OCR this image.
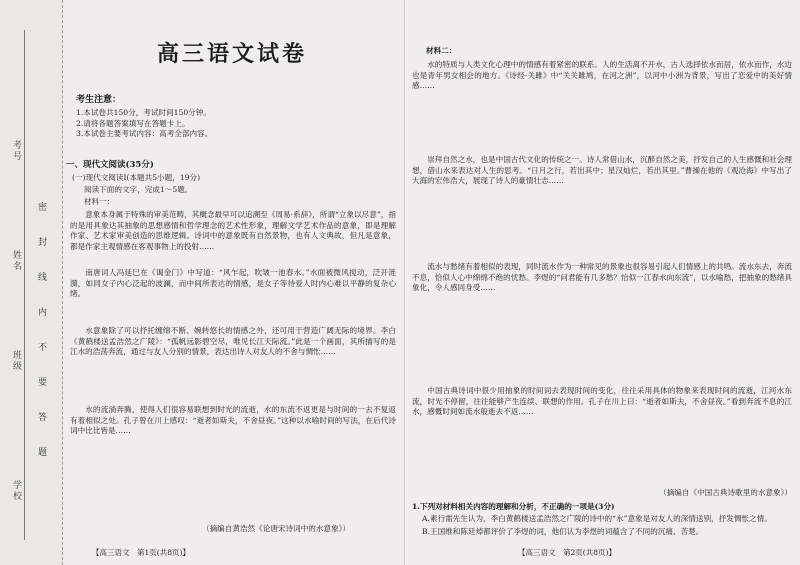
考号
姓名
班级
学校
密
封
线
内
不
要
答
题
高三语文试卷
考生注意：

1.本试卷共150分，考试时间150分钟。

2.请将各题答案填写在答题卡上。

3.本试卷主要考试内容：高考全部内容。

一、现代文阅读(35分)
(一)现代文阅读Ⅰ(本题共5小题，19分)
阅读下面的文字，完成1～5题。
材料一：
意象本身属于特殊的审美范畴，其概念最早可以追溯至《周易·系辞》，所谓“立象以尽意”，指的是用具象达其抽象的思想感情和哲学理念的艺术性形象，理解文学艺术作品的意象，即是理解作家、艺术家审美创造的思维逻辑。诗词中的意象既有自然景物，也有人文典故，但凡是意象，都是作家主观情感在客观事物上的投射……
南唐词人冯延巳在《谒金门》中写道：“风乍起，吹皱一池春水。”水面被微风搅动，泛开涟漪，如同女子内心泛起的波澜，而中间所表达的情感，是女子等待爱人时内心难以平静的复杂心绪。
水意象除了可以抒托缠绵不断、婉转悠长的情感之外，还可用于营造广阔无际的境界。李白《黄鹤楼送孟浩然之广陵》：“孤帆远影碧空尽，唯见长江天际流。”此是一个画面，其所描写的是江水的浩荡奔流，通过与友人分别的情景，表达出诗人对友人的不舍与惆怅……
水的流淌奔腾，使得人们很容易联想到时光的流逝，水的东流不返更是与时间的一去不复返有着相似之处。孔子曾在川上感叹：“逝者如斯夫，不舍昼夜。”这种以水喻时间的写法，在后代诗词中比比皆是……
（摘编自黄浩然《论唐宋诗词中的水意象》）
【高三语文　第1页(共8页)】
材料二：
水的特质与人类文化心理中的情感有着紧密的联系。人的生活离不开水，古人选择依水而居，依水而作，水边也是青年男女相会的地方。《诗经·关雎》中“关关雎鸠，在河之洲”，以河中小洲为背景，写出了恋爱中的美好情感……
崇拜自然之水，也是中国古代文化的传统之一。诗人常借山水，沉醉自然之美，抒发自己的人生感慨和社会理想，借山水来表达对人生的思考。“日月之行，若出其中；星汉灿烂，若出其里。”曹操在他的《观沧海》中写出了大海的宏伟浩大，展现了诗人的豪情壮志……
流水与愁绪有着相似的表现，同时流水作为一种常见的景象也很容易引起人们情感上的共鸣。流水东去，奔流不息，恰似人心中绵绵不绝的忧愁。李煜的“问君能有几多愁？恰似一江春水向东流”，以水喻愁，把抽象的愁绪具象化，令人感同身受……
中国古典诗词中很少用抽象的时间词去表现时间的变化，往往采用具体的物象来表现时间的流逝，江河水东流，时光不停留，往往能够产生连续、联想的作用。孔子在川上曰：“逝者如斯夫，不舍昼夜。”看到奔流不息的江水，感慨时间如流水般逝去不返……
（摘编自《中国古典诗歌里的水意象》）
1.下列对材料相关内容的理解和分析，不正确的一项是(3分)
A.素行需先生认为，李白黄鹤楼送孟浩然之广陵的诗中的“水”意象是对友人的深情送别，抒发惆怅之情。
B.王国维和陈廷焯都评价了李煜的词，他们认为李煜的词蕴含了不同的沉痛、苦楚。
【高三语文　第2页(共8页)】
